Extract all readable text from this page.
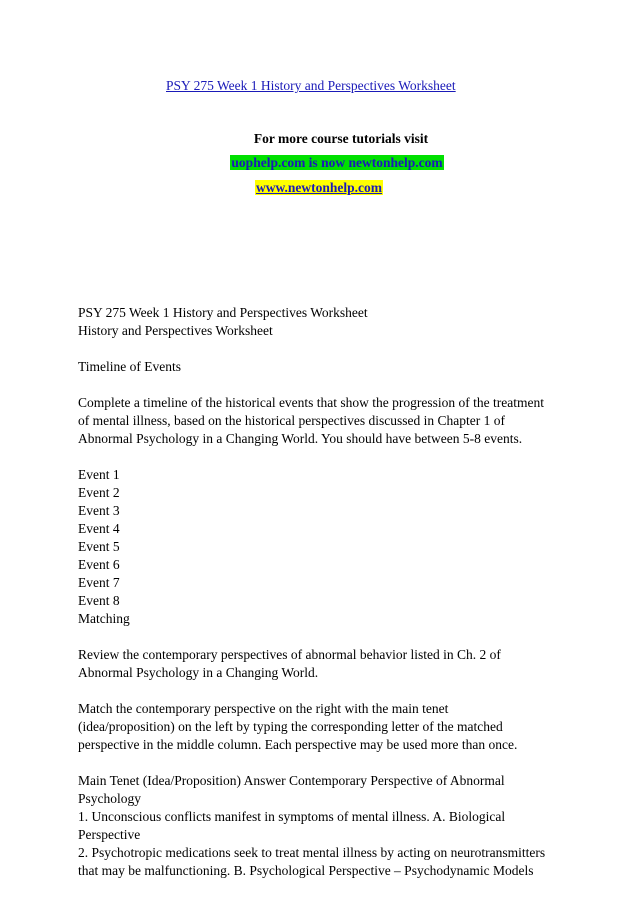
PSY 275 Week 1 History and Perspectives Worksheet
For more course tutorials visit
uophelp.com is now newtonhelp.com
www.newtonhelp.com

PSY 275 Week 1 History and Perspectives Worksheet

History and Perspectives Worksheet

Timeline of Events

Complete a timeline of the historical events that show the progression of the treatment

of mental illness, based on the historical perspectives discussed in Chapter 1 of

Abnormal Psychology in a Changing World. You should have between 5-8 events.

Event 1

Event 2

Event 3

Event 4

Event 5

Event 6

Event 7

Event 8

Matching

Review the contemporary perspectives of abnormal behavior listed in Ch. 2 of

Abnormal Psychology in a Changing World.

Match the contemporary perspective on the right with the main tenet

(idea/proposition) on the left by typing the corresponding letter of the matched

perspective in the middle column. Each perspective may be used more than once.

Main Tenet (Idea/Proposition) Answer Contemporary Perspective of Abnormal

Psychology

1. Unconscious conflicts manifest in symptoms of mental illness. A. Biological

Perspective

2. Psychotropic medications seek to treat mental illness by acting on neurotransmitters

that may be malfunctioning. B. Psychological Perspective – Psychodynamic Models
